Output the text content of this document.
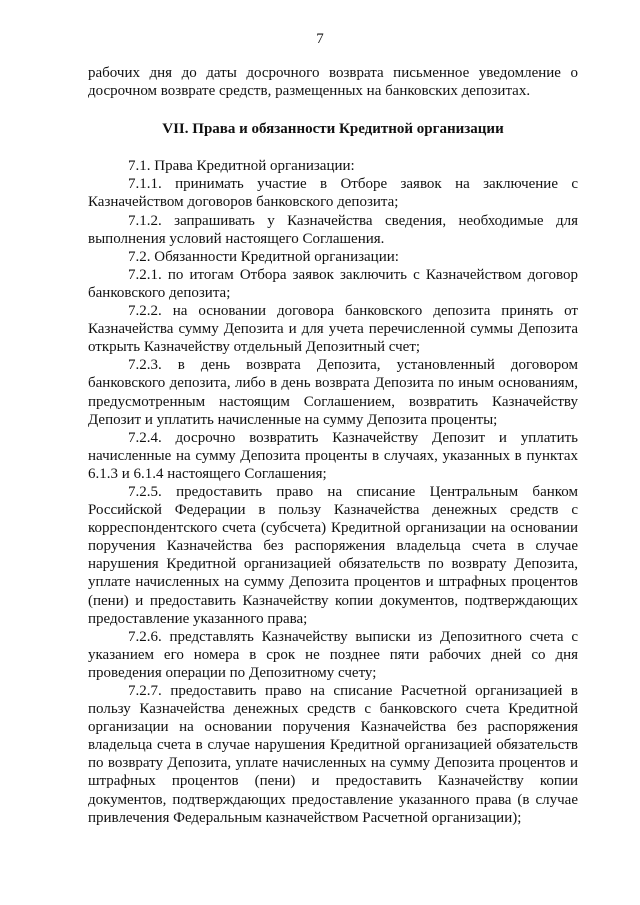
7

рабочих дня до даты досрочного возврата письменное уведомление о досрочном возврате средств, размещенных на банковских депозитах.

VII. Права и обязанности Кредитной организации

7.1. Права Кредитной организации:

7.1.1. принимать участие в Отборе заявок на заключение с Казначейством договоров банковского депозита;

7.1.2. запрашивать у Казначейства сведения, необходимые для выполнения условий настоящего Соглашения.

7.2. Обязанности Кредитной организации:

7.2.1. по итогам Отбора заявок заключить с Казначейством договор банковского депозита;

7.2.2. на основании договора банковского депозита принять от Казначейства сумму Депозита и для учета перечисленной суммы Депозита открыть Казначейству отдельный Депозитный счет;

7.2.3. в день возврата Депозита, установленный договором банковского депозита, либо в день возврата Депозита по иным основаниям, предусмотренным настоящим Соглашением, возвратить Казначейству Депозит и уплатить начисленные на сумму Депозита проценты;

7.2.4. досрочно возвратить Казначейству Депозит и уплатить начисленные на сумму Депозита проценты в случаях, указанных в пунктах 6.1.3 и 6.1.4 настоящего Соглашения;

7.2.5. предоставить право на списание Центральным банком Российской Федерации в пользу Казначейства денежных средств с корреспондентского счета (субсчета) Кредитной организации на основании поручения Казначейства без распоряжения владельца счета в случае нарушения Кредитной организацией обязательств по возврату Депозита, уплате начисленных на сумму Депозита процентов и штрафных процентов (пени) и предоставить Казначейству копии документов, подтверждающих предоставление указанного права;

7.2.6. представлять Казначейству выписки из Депозитного счета с указанием его номера в срок не позднее пяти рабочих дней со дня проведения операции по Депозитному счету;

7.2.7. предоставить право на списание Расчетной организацией в пользу Казначейства денежных средств с банковского счета Кредитной организации на основании поручения Казначейства без распоряжения владельца счета в случае нарушения Кредитной организацией обязательств по возврату Депозита, уплате начисленных на сумму Депозита процентов и штрафных процентов (пени) и предоставить Казначейству копии документов, подтверждающих предоставление указанного права (в случае привлечения Федеральным казначейством Расчетной организации);
